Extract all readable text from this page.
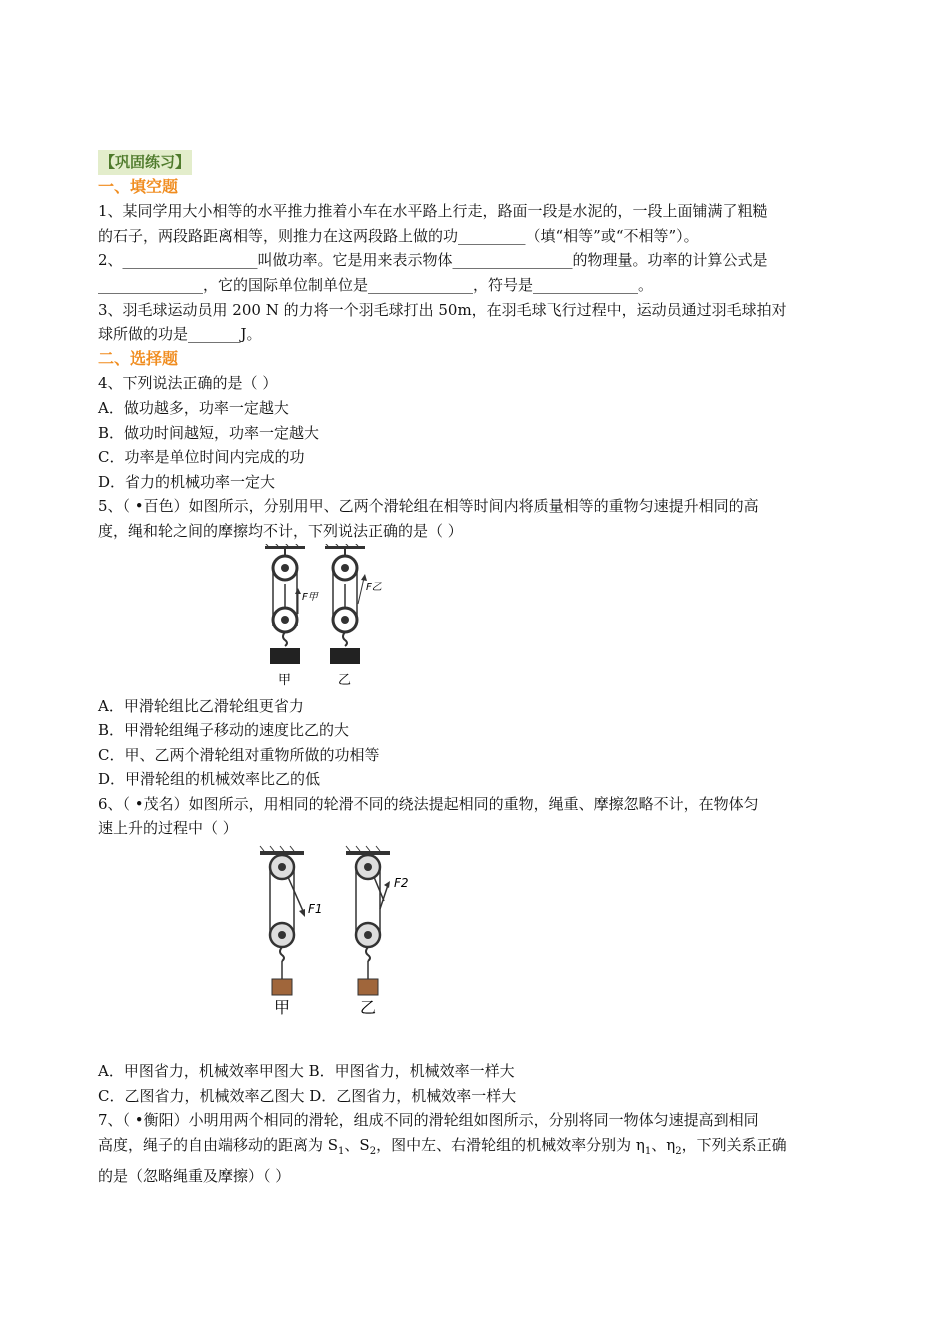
【巩固练习】
一、填空题
1、某同学用大小相等的水平推力推着小车在水平路上行走，路面一段是水泥的，一段上面铺满了粗糙
的石子，两段路距离相等，则推力在这两段路上做的功_________（填“相等”或“不相等”）。
2、__________________叫做功率。它是用来表示物体________________的物理量。功率的计算公式是
______________，它的国际单位制单位是______________，符号是______________。
3、羽毛球运动员用 200 N 的力将一个羽毛球打出 50m，在羽毛球飞行过程中，运动员通过羽毛球拍对
球所做的功是_______J。
二、选择题
4、下列说法正确的是（ ）
A．做功越多，功率一定越大
B．做功时间越短，功率一定越大
C．功率是单位时间内完成的功
D．省力的机械功率一定大
5、（ •百色）如图所示，分别用甲、乙两个滑轮组在相等时间内将质量相等的重物匀速提升相同的高
度，绳和轮之间的摩擦均不计，下列说法正确的是（ ）
F甲
甲
F乙
乙
A．甲滑轮组比乙滑轮组更省力
B．甲滑轮组绳子移动的速度比乙的大
C．甲、乙两个滑轮组对重物所做的功相等
D．甲滑轮组的机械效率比乙的低
6、（ •茂名）如图所示，用相同的轮滑不同的绕法提起相同的重物，绳重、摩擦忽略不计，在物体匀
速上升的过程中（ ）
F1
甲
F2
乙
A．甲图省力，机械效率甲图大 B．甲图省力，机械效率一样大
C．乙图省力，机械效率乙图大 D．乙图省力，机械效率一样大
7、（ •衡阳）小明用两个相同的滑轮，组成不同的滑轮组如图所示，分别将同一物体匀速提高到相同
高度，绳子的自由端移动的距离为 $S_1$、$S_2$，图中左、右滑轮组的机械效率分别为 $\eta_1$、$\eta_2$，下列关系正确
的是（忽略绳重及摩擦）（ ）
